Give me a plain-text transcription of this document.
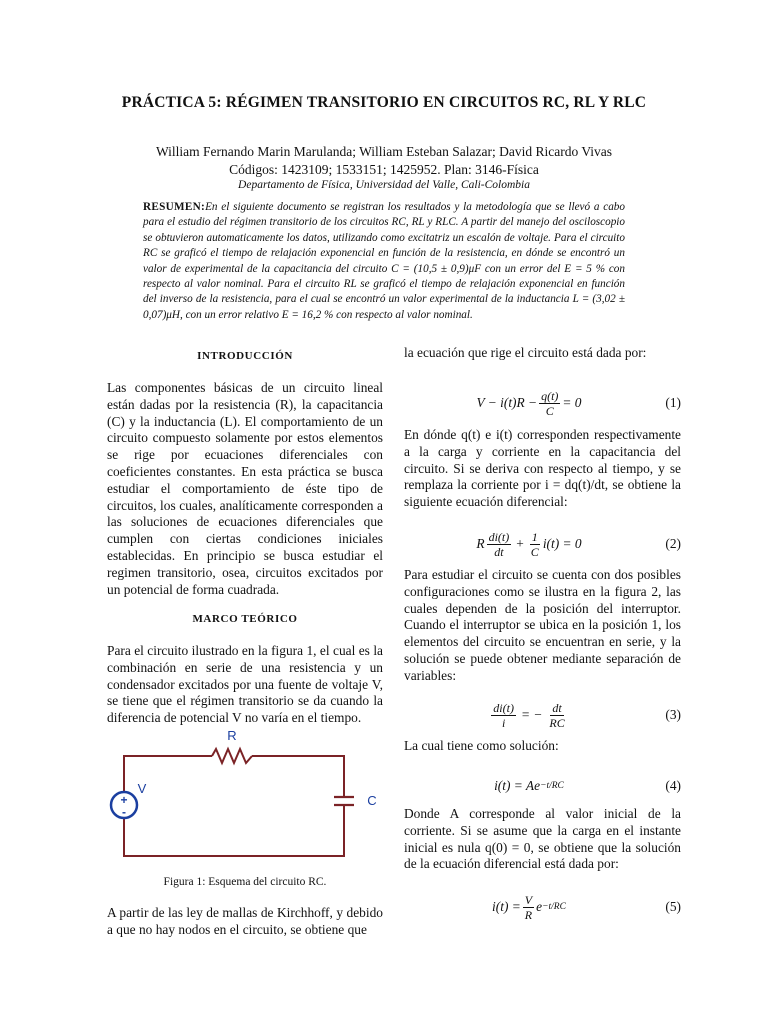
PRÁCTICA 5: RÉGIMEN TRANSITORIO EN CIRCUITOS RC, RL Y RLC
William Fernando Marin Marulanda; William Esteban Salazar; David Ricardo Vivas
Códigos: 1423109; 1533151; 1425952. Plan: 3146-Física
Departamento de Física, Universidad del Valle, Cali-Colombia
RESUMEN:En el siguiente documento se registran los resultados y la metodología que se llevó a cabo para el estudio del régimen transitorio de los circuitos RC, RL y RLC. A partir del manejo del osciloscopio se obtuvieron automaticamente los datos, utilizando como excitatriz un escalón de voltaje. Para el circuito RC se graficó el tiempo de relajación exponencial en función de la resistencia, en dónde se encontró un valor de experimental de la capacitancia del circuito C = (10,5 ± 0,9)μF con un error del E = 5 % con respecto al valor nominal. Para el circuito RL se graficó el tiempo de relajación exponencial en función del inverso de la resistencia, para el cual se encontró un valor experimental de la inductancia L = (3,02 ± 0,07)μH, con un error relativo E = 16,2 % con respecto al valor nominal.
INTRODUCCIÓN
Las componentes básicas de un circuito lineal están dadas por la resistencia (R), la capacitancia (C) y la inductancia (L). El comportamiento de un circuito compuesto solamente por estos elementos se rige por ecuaciones diferenciales con coeficientes constantes. En esta práctica se busca estudiar el comportamiento de éste tipo de circuitos, los cuales, analíticamente corresponden a las soluciones de ecuaciones diferenciales que cumplen con ciertas condiciones iniciales establecidas. En principio se busca estudiar el regimen transitorio, osea, circuitos excitados por un potencial de forma cuadrada.
MARCO TEÓRICO
Para el circuito ilustrado en la figura 1, el cual es la combinación en serie de una resistencia y un condensador excitados por una fuente de voltaje V, se tiene que el régimen transitorio se da cuando la diferencia de potencial V no varía en el tiempo.
+
-
R
C
V
Figura 1: Esquema del circuito RC.
A partir de las ley de mallas de Kirchhoff, y debido a que no hay nodos en el circuito, se obtiene que
la ecuación que rige el circuito está dada por:
$V - i(t)R - \frac{q(t)}{C} = 0$	(1)
En dónde q(t) e i(t) corresponden respectivamente a la carga y corriente en la capacitancia del circuito. Si se deriva con respecto al tiempo, y se remplaza la corriente por i = dq(t)/dt, se obtiene la siguiente ecuación diferencial:
R $\frac{di(t)}{dt} + \frac{1}{C} i(t) = 0$	(2)
Para estudiar el circuito se cuenta con dos posibles configuraciones como se ilustra en la figura 2, las cuales dependen de la posición del interruptor. Cuando el interruptor se ubica en la posición 1, los elementos del circuito se encuentran en serie, y la solución se puede obtener mediante separación de variables:
$\frac{di(t)}{i}$ = − $\frac{dt}{RC}$	(3)
La cual tiene como solución:
i(t) = Ae −t/RC	(4)
Donde A corresponde al valor inicial de la corriente. Si se asume que la carga en el instante inicial es nula q(0) = 0, se obtiene que la solución de la ecuación diferencial está dada por:
$i(t) = \frac{V}{R}$ e −t/RC	(5)
